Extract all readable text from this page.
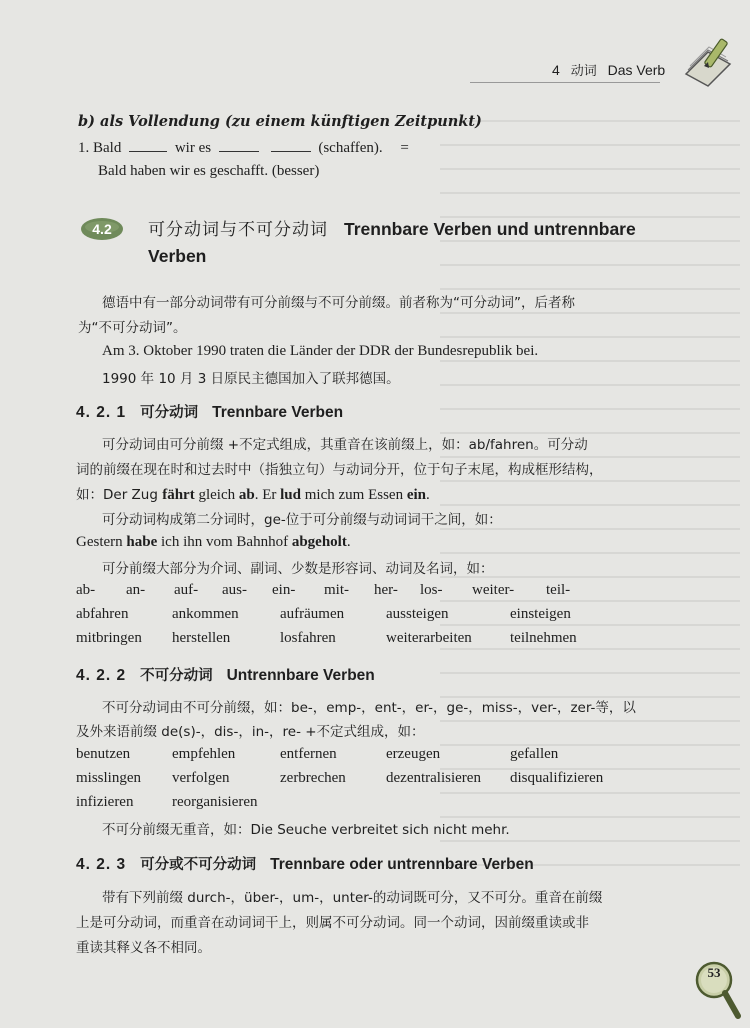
4 动词 Das Verb
b) als Vollendung (zu einem künftigen Zeitpunkt)
1. Bald	wir es	(schaffen). =
Bald haben wir es geschafft. (besser)
4.2 可分动词与不可分动词 Trennbare Verben und untrennbare
Verben
德语中有一部分动词带有可分前缀与不可分前缀。前者称为“可分动词”，后者称
为“不可分动词”。
Am 3. Oktober 1990 traten die Länder der DDR der Bundesrepublik bei.
1990 年 10 月 3 日原民主德国加入了联邦德国。
4. 2. 1 可分动词 Trennbare Verben
可分动词由可分前缀 +不定式组成，其重音在该前缀上，如：ab/fahren。可分动
词的前缀在现在时和过去时中（指独立句）与动词分开，位于句子末尾，构成框形结构，
如：Der Zug fährt gleich ab. Er lud mich zum Essen ein.
可分动词构成第二分词时，ge-位于可分前缀与动词词干之间，如：
Gestern habe ich ihn vom Bahnhof abgeholt.
可分前缀大部分为介词、副词、少数是形容词、动词及名词，如：
ab- an- auf- aus- ein- mit- her- los- weiter- teil-
abfahren	ankommen	aufräumen	aussteigen	einsteigen
mitbringen herstellen	losfahren	weiterarbeiten	teilnehmen
4. 2. 2 不可分动词 Untrennbare Verben
不可分动词由不可分前缀，如：be-，emp-，ent-，er-，ge-，miss-，ver-，zer-等，以
及外来语前缀 de(s)-，dis-，in-，re- +不定式组成，如：
benutzen	empfehlen	entfernen	erzeugen	gefallen
misslingen verfolgen	zerbrechen	dezentralisieren disqualifizieren
infizieren	reorganisieren
不可分前缀无重音，如：Die Seuche verbreitet sich nicht mehr.
4. 2. 3 可分或不可分动词 Trennbare oder untrennbare Verben
带有下列前缀 durch-，über-，um-，unter-的动词既可分，又不可分。重音在前缀
上是可分动词，而重音在动词词干上，则属不可分动词。同一个动词，因前缀重读或非
重读其释义各不相同。
53
